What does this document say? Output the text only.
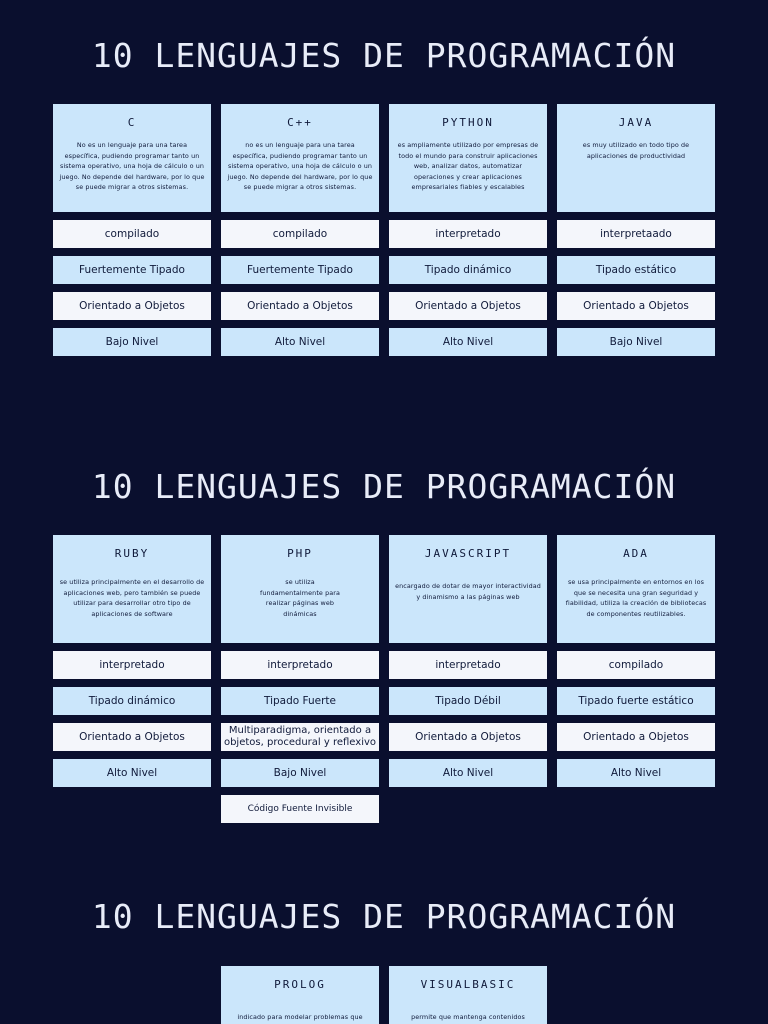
10 LENGUAJES DE PROGRAMACIÓN
C
No es un lenguaje para una tarea específica, pudiendo programar tanto un sistema operativo, una hoja de cálculo o un juego. No depende del hardware, por lo que se puede migrar a otros sistemas.
compilado
Fuertemente Tipado
Orientado a Objetos
Bajo Nivel
C++
no es un lenguaje para una tarea específica, pudiendo programar tanto un sistema operativo, una hoja de cálculo o un juego. No depende del hardware, por lo que se puede migrar a otros sistemas.
compilado
Fuertemente Tipado
Orientado a Objetos
Alto Nivel
PYTHON
es ampliamente utilizado por empresas de todo el mundo para construir aplicaciones web, analizar datos, automatizar operaciones y crear aplicaciones empresariales fiables y escalables
interpretado
Tipado dinámico
Orientado a Objetos
Alto Nivel
JAVA
es muy utilizado en todo tipo de aplicaciones de productividad
interpretaado
Tipado estático
Orientado a Objetos
Bajo Nivel
10 LENGUAJES DE PROGRAMACIÓN
RUBY
se utiliza principalmente en el desarrollo de aplicaciones web, pero también se puede utilizar para desarrollar otro tipo de aplicaciones de software
interpretado
Tipado dinámico
Orientado a Objetos
Alto Nivel
PHP
se utiliza fundamentalmente para realizar páginas web dinámicas
interpretado
Tipado Fuerte
Multiparadigma, orientado a objetos, procedural y reflexivo
Bajo Nivel
Código Fuente Invisible
JAVASCRIPT
encargado de dotar de mayor interactividad y dinamismo a las páginas web
interpretado
Tipado Débil
Orientado a Objetos
Alto Nivel
ADA
se usa principalmente en entornos en los que se necesita una gran seguridad y fiabilidad, utiliza la creación de bibliotecas de componentes reutilizables.
compilado
Tipado fuerte estático
Orientado a Objetos
Alto Nivel
10 LENGUAJES DE PROGRAMACIÓN
PROLOG
indicado para modelar problemas que
VISUALBASIC
permite que mantenga contenidos
